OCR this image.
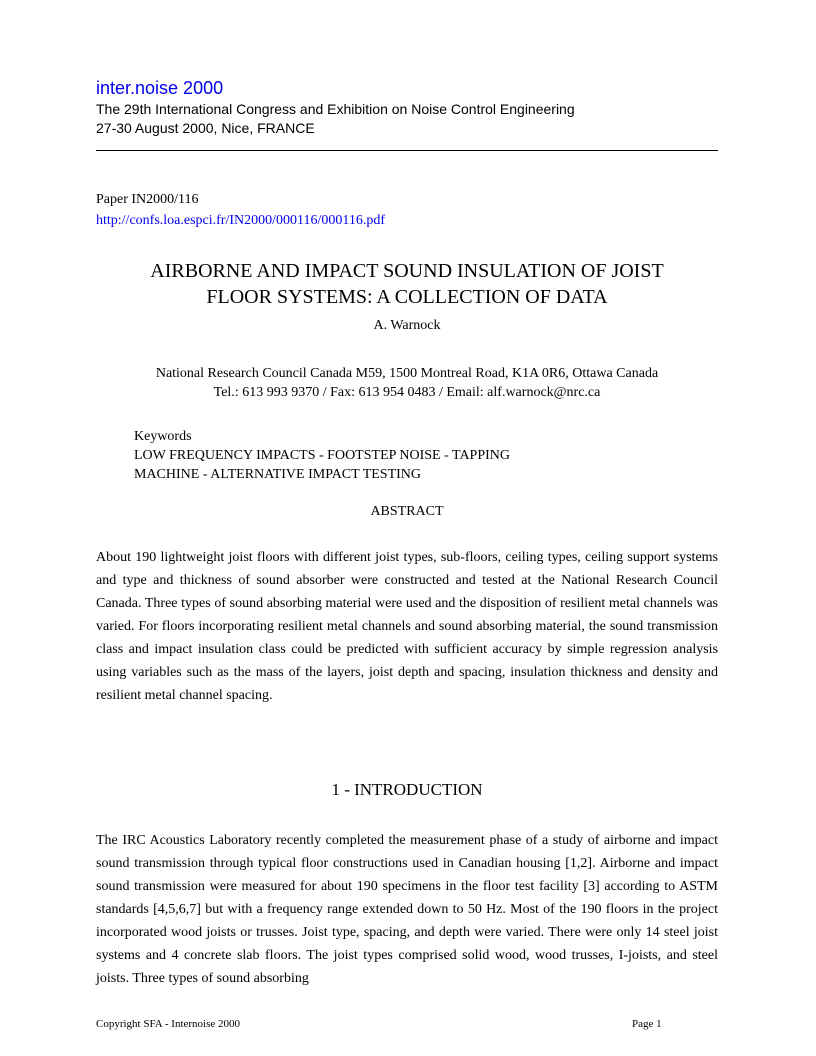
inter.noise 2000
The 29th International Congress and Exhibition on Noise Control Engineering
27-30 August 2000, Nice, FRANCE
Paper IN2000/116
http://confs.loa.espci.fr/IN2000/000116/000116.pdf
AIRBORNE AND IMPACT SOUND INSULATION OF JOIST
FLOOR SYSTEMS: A COLLECTION OF DATA
A. Warnock
National Research Council Canada M59, 1500 Montreal Road, K1A 0R6, Ottawa Canada
Tel.: 613 993 9370 / Fax: 613 954 0483 / Email: alf.warnock@nrc.ca
Keywords
LOW FREQUENCY IMPACTS - FOOTSTEP NOISE - TAPPING
MACHINE - ALTERNATIVE IMPACT TESTING
ABSTRACT
About 190 lightweight joist floors with different joist types, sub-floors, ceiling types, ceiling support systems and type and thickness of sound absorber were constructed and tested at the National Research Council Canada. Three types of sound absorbing material were used and the disposition of resilient metal channels was varied. For floors incorporating resilient metal channels and sound absorbing material, the sound transmission class and impact insulation class could be predicted with sufficient accuracy by simple regression analysis using variables such as the mass of the layers, joist depth and spacing, insulation thickness and density and resilient metal channel spacing.
1 - INTRODUCTION
The IRC Acoustics Laboratory recently completed the measurement phase of a study of airborne and impact sound transmission through typical floor constructions used in Canadian housing [1,2]. Airborne and impact sound transmission were measured for about 190 specimens in the floor test facility [3] according to ASTM standards [4,5,6,7] but with a frequency range extended down to 50 Hz. Most of the 190 floors in the project incorporated wood joists or trusses. Joist type, spacing, and depth were varied. There were only 14 steel joist systems and 4 concrete slab floors. The joist types comprised solid wood, wood trusses, I-joists, and steel joists. Three types of sound absorbing
Copyright SFA - Internoise 2000	Page 1
